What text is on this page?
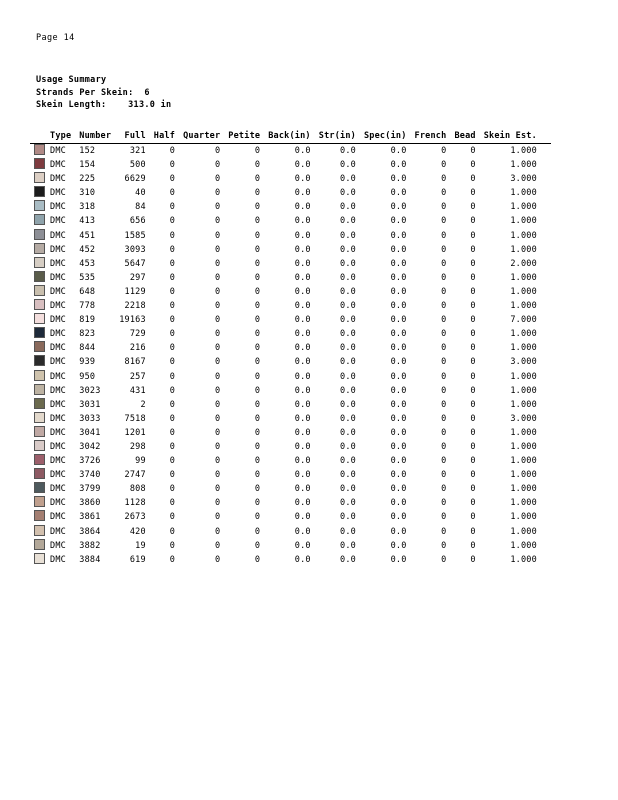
Page 14
Usage Summary
Strands Per Skein: 6
Skein Length:	313.0 in
Type		Number	Full	Half	Quarter	Petite	Back(in)	Str(in)	Spec(in)	French	Bead	Skein Est.
	DMC	152	321	0	0	0	0.0	0.0	0.0	0	0	1.000
	DMC	154	500	0	0	0	0.0	0.0	0.0	0	0	1.000
	DMC	225	6629	0	0	0	0.0	0.0	0.0	0	0	3.000
	DMC	310	40	0	0	0	0.0	0.0	0.0	0	0	1.000
	DMC	318	84	0	0	0	0.0	0.0	0.0	0	0	1.000
	DMC	413	656	0	0	0	0.0	0.0	0.0	0	0	1.000
	DMC	451	1585	0	0	0	0.0	0.0	0.0	0	0	1.000
	DMC	452	3093	0	0	0	0.0	0.0	0.0	0	0	1.000
	DMC	453	5647	0	0	0	0.0	0.0	0.0	0	0	2.000
	DMC	535	297	0	0	0	0.0	0.0	0.0	0	0	1.000
	DMC	648	1129	0	0	0	0.0	0.0	0.0	0	0	1.000
	DMC	778	2218	0	0	0	0.0	0.0	0.0	0	0	1.000
	DMC	819	19163	0	0	0	0.0	0.0	0.0	0	0	7.000
	DMC	823	729	0	0	0	0.0	0.0	0.0	0	0	1.000
	DMC	844	216	0	0	0	0.0	0.0	0.0	0	0	1.000
	DMC	939	8167	0	0	0	0.0	0.0	0.0	0	0	3.000
	DMC	950	257	0	0	0	0.0	0.0	0.0	0	0	1.000
	DMC	3023	431	0	0	0	0.0	0.0	0.0	0	0	1.000
	DMC	3031	2	0	0	0	0.0	0.0	0.0	0	0	1.000
	DMC	3033	7518	0	0	0	0.0	0.0	0.0	0	0	3.000
	DMC	3041	1201	0	0	0	0.0	0.0	0.0	0	0	1.000
	DMC	3042	298	0	0	0	0.0	0.0	0.0	0	0	1.000
	DMC	3726	99	0	0	0	0.0	0.0	0.0	0	0	1.000
	DMC	3740	2747	0	0	0	0.0	0.0	0.0	0	0	1.000
	DMC	3799	808	0	0	0	0.0	0.0	0.0	0	0	1.000
	DMC	3860	1128	0	0	0	0.0	0.0	0.0	0	0	1.000
	DMC	3861	2673	0	0	0	0.0	0.0	0.0	0	0	1.000
	DMC	3864	420	0	0	0	0.0	0.0	0.0	0	0	1.000
	DMC	3882	19	0	0	0	0.0	0.0	0.0	0	0	1.000
	DMC	3884	619	0	0	0	0.0	0.0	0.0	0	0	1.000
